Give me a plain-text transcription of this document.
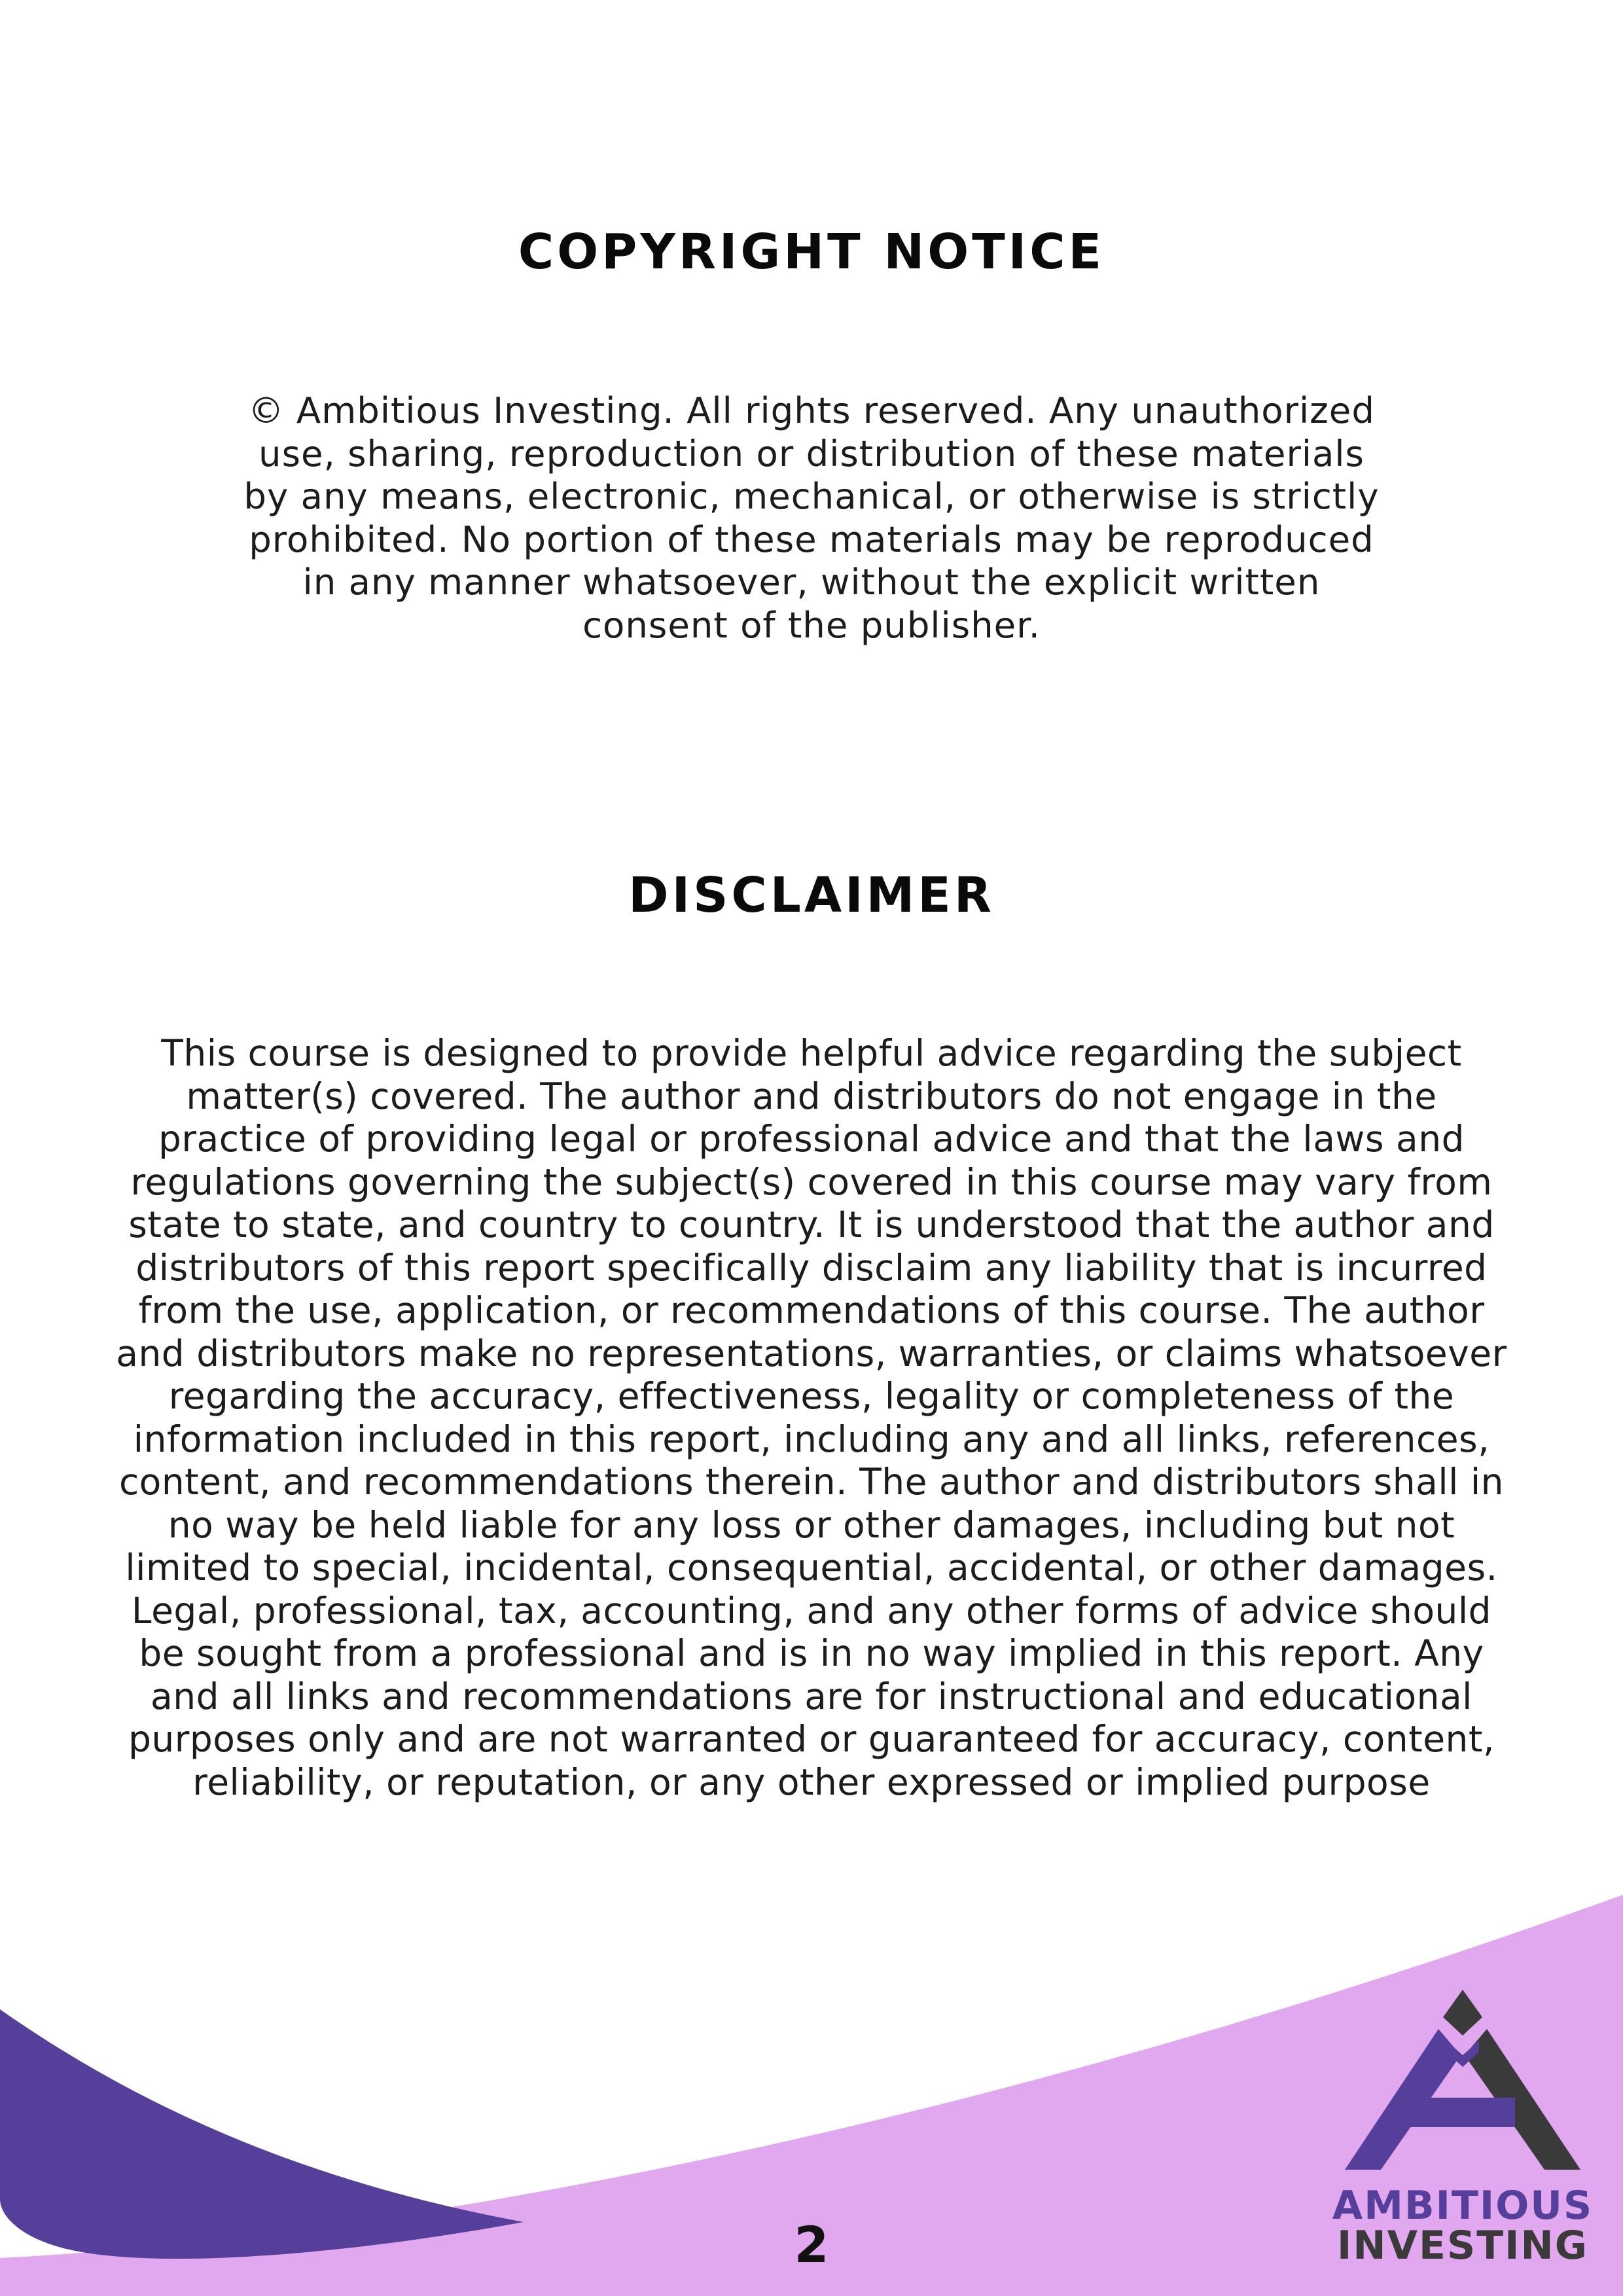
COPYRIGHT NOTICE

© Ambitious Investing. All rights reserved. Any unauthorized
use, sharing, reproduction or distribution of these materials
by any means, electronic, mechanical, or otherwise is strictly
prohibited. No portion of these materials may be reproduced
in any manner whatsoever, without the explicit written
consent of the publisher.

DISCLAIMER

This course is designed to provide helpful advice regarding the subject
matter(s) covered. The author and distributors do not engage in the
practice of providing legal or professional advice and that the laws and
regulations governing the subject(s) covered in this course may vary from
state to state, and country to country. It is understood that the author and
distributors of this report specifically disclaim any liability that is incurred
from the use, application, or recommendations of this course. The author
and distributors make no representations, warranties, or claims whatsoever
regarding the accuracy, effectiveness, legality or completeness of the
information included in this report, including any and all links, references,
content, and recommendations therein. The author and distributors shall in
no way be held liable for any loss or other damages, including but not
limited to special, incidental, consequential, accidental, or other damages.
Legal, professional, tax, accounting, and any other forms of advice should
be sought from a professional and is in no way implied in this report. Any
and all links and recommendations are for instructional and educational
purposes only and are not warranted or guaranteed for accuracy, content,
reliability, or reputation, or any other expressed or implied purpose

2
AMBITIOUS
INVESTING
